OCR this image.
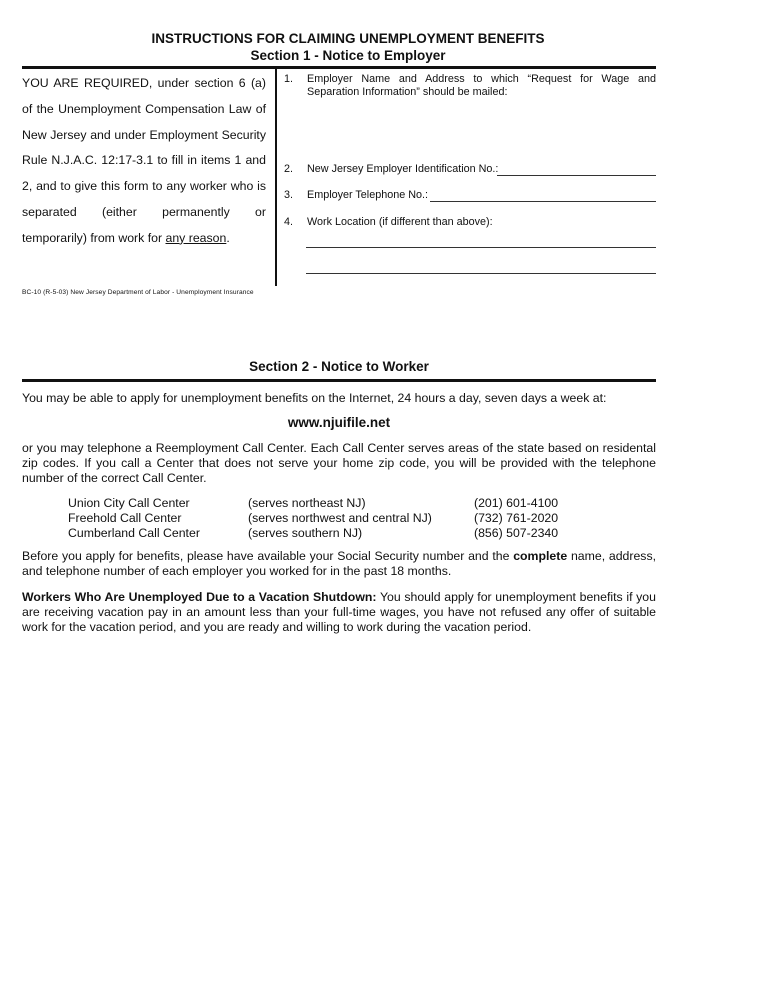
INSTRUCTIONS FOR CLAIMING UNEMPLOYMENT BENEFITS
Section 1 - Notice to Employer
YOU ARE REQUIRED, under section 6 (a) of the Unemployment Compensation Law of New Jersey and under Employment Security Rule N.J.A.C. 12:17-3.1 to fill in items 1 and 2, and to give this form to any worker who is separated (either permanently or temporarily) from work for any reason.
1. Employer Name and Address to which “Request for Wage and Separation Information” should be mailed:
2. New Jersey Employer Identification No.:
3. Employer Telephone No.:
4. Work Location (if different than above):
BC-10 (R-5-03) New Jersey Department of Labor - Unemployment Insurance
Section 2 - Notice to Worker
You may be able to apply for unemployment benefits on the Internet, 24 hours a day, seven days a week at:
www.njuifile.net
or you may telephone a Reemployment Call Center. Each Call Center serves areas of the state based on residental zip codes. If you call a Center that does not serve your home zip code, you will be provided with the telephone number of the correct Call Center.
Union City Call Center	(serves northeast NJ)	(201) 601-4100
Freehold Call Center	(serves northwest and central NJ)	(732) 761-2020
Cumberland Call Center	(serves southern NJ)	(856) 507-2340
Before you apply for benefits, please have available your Social Security number and the complete name, address, and telephone number of each employer you worked for in the past 18 months.
Workers Who Are Unemployed Due to a Vacation Shutdown: You should apply for unemployment benefits if you are receiving vacation pay in an amount less than your full-time wages, you have not refused any offer of suitable work for the vacation period, and you are ready and willing to work during the vacation period.
